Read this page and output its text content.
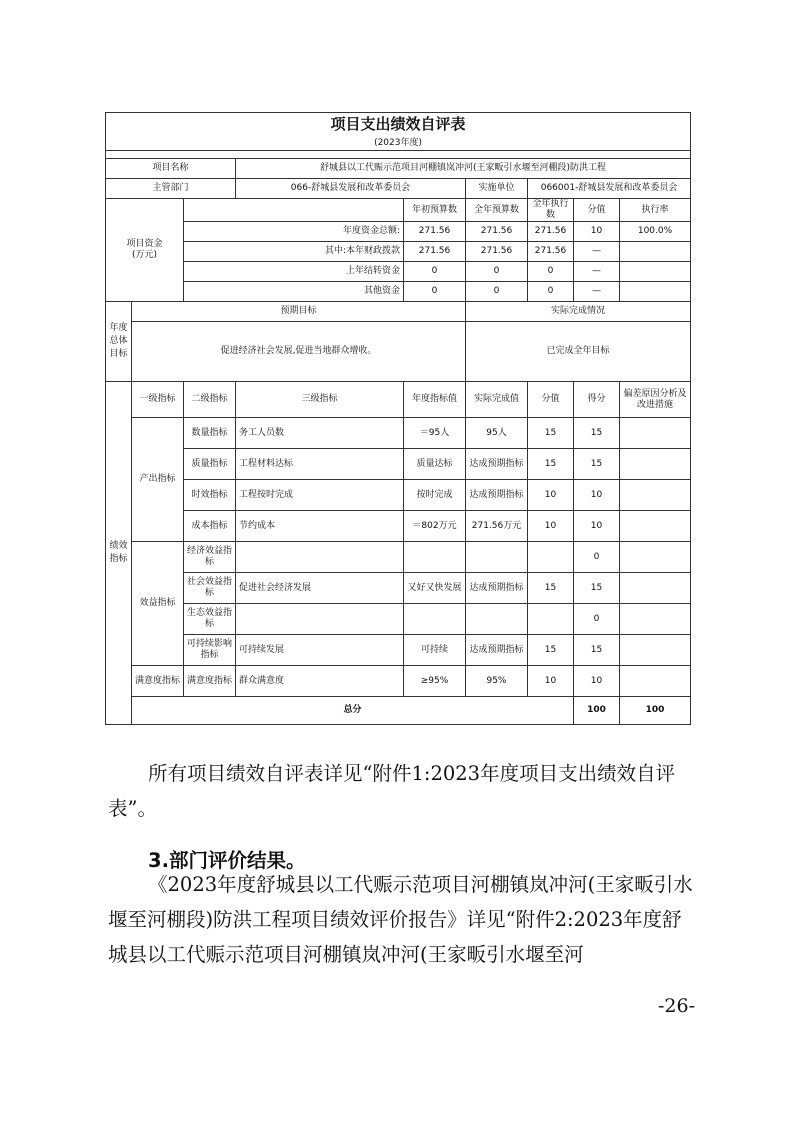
项目支出绩效自评表									
(2023年度)									

项目名称			舒城县以工代赈示范项目河棚镇岚冲河(王家畈引水堰至河棚段)防洪工程						
主管部门			066-舒城县发展和改革委员会		实施单位	066001-舒城县发展和改革委员会			
项目资金
(万元)				年初预算数	全年预算数	全年执行数	分值	执行率	
		年度资金总额:		271.56	271.56	271.56	10	100.0%	
		其中:本年财政拨款		271.56	271.56	271.56	—		
		上年结转资金		0	0	0	—		
		其他资金		0	0	0	—		
年度总体目标	预期目标				实际完成情况				
	促进经济社会发展,促进当地群众增收。				已完成全年目标				
绩效指标	一级指标	二级指标	三级指标	年度指标值	实际完成值	分值	得分	偏差原因分析及改进措施	
	产出指标	数量指标	务工人员数	＝95人	95人	15	15		
		质量指标	工程材料达标	质量达标	达成预期指标	15	15		
		时效指标	工程按时完成	按时完成	达成预期指标	10	10		
		成本指标	节约成本	＝802万元	271.56万元	10	10		
	效益指标	经济效益指标					0		
		社会效益指标	促进社会经济发展	又好又快发展	达成预期指标	15	15		
		生态效益指标					0		
		可持续影响指标	可持续发展	可持续	达成预期指标	15	15		
	满意度指标	满意度指标	群众满意度	≥95%	95%	10	10		
	总分						100	100	

所有项目绩效自评表详见“附件1:2023年度项目支出绩效自评表”。

3.部门评价结果。

《2023年度舒城县以工代赈示范项目河棚镇岚冲河(王家畈引水堰至河棚段)防洪工程项目绩效评价报告》详见“附件2:2023年度舒城县以工代赈示范项目河棚镇岚冲河(王家畈引水堰至河

-26-
